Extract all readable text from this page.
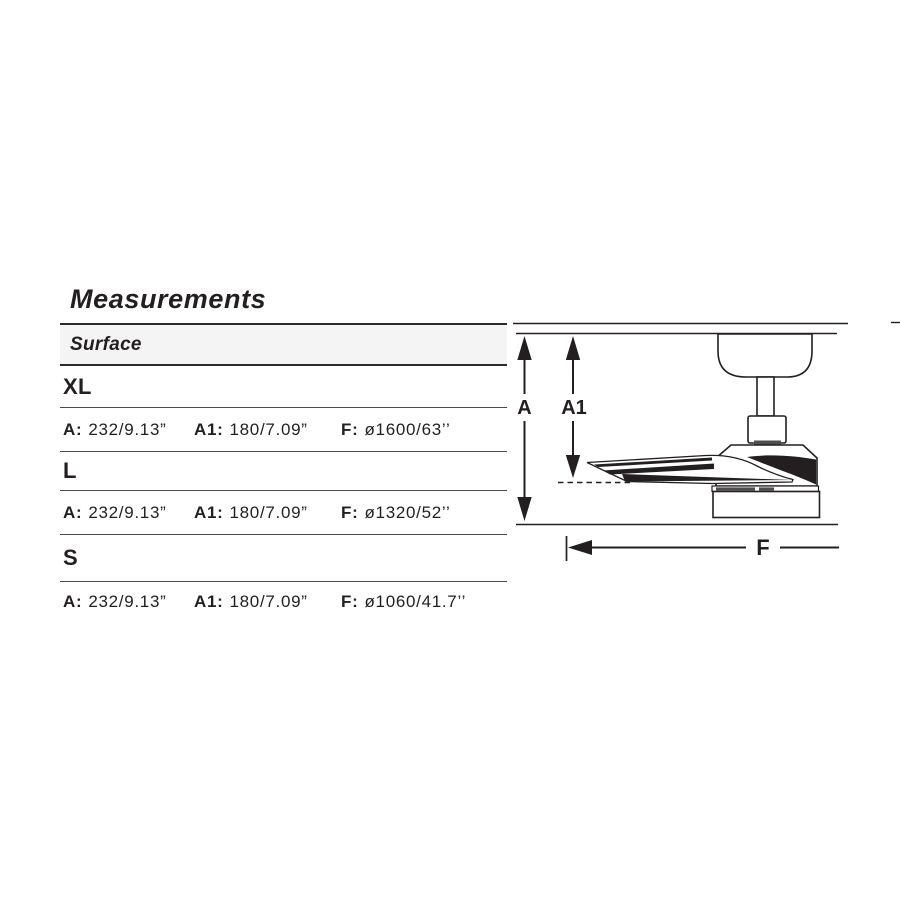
Measurements
Surface
XL
A: 232/9.13” A1: 180/7.09” F: ø1600/63’’
L
A: 232/9.13” A1: 180/7.09” F: ø1320/52’’
S
A: 232/9.13” A1: 180/7.09” F: ø1060/41.7’’
A A1
F
